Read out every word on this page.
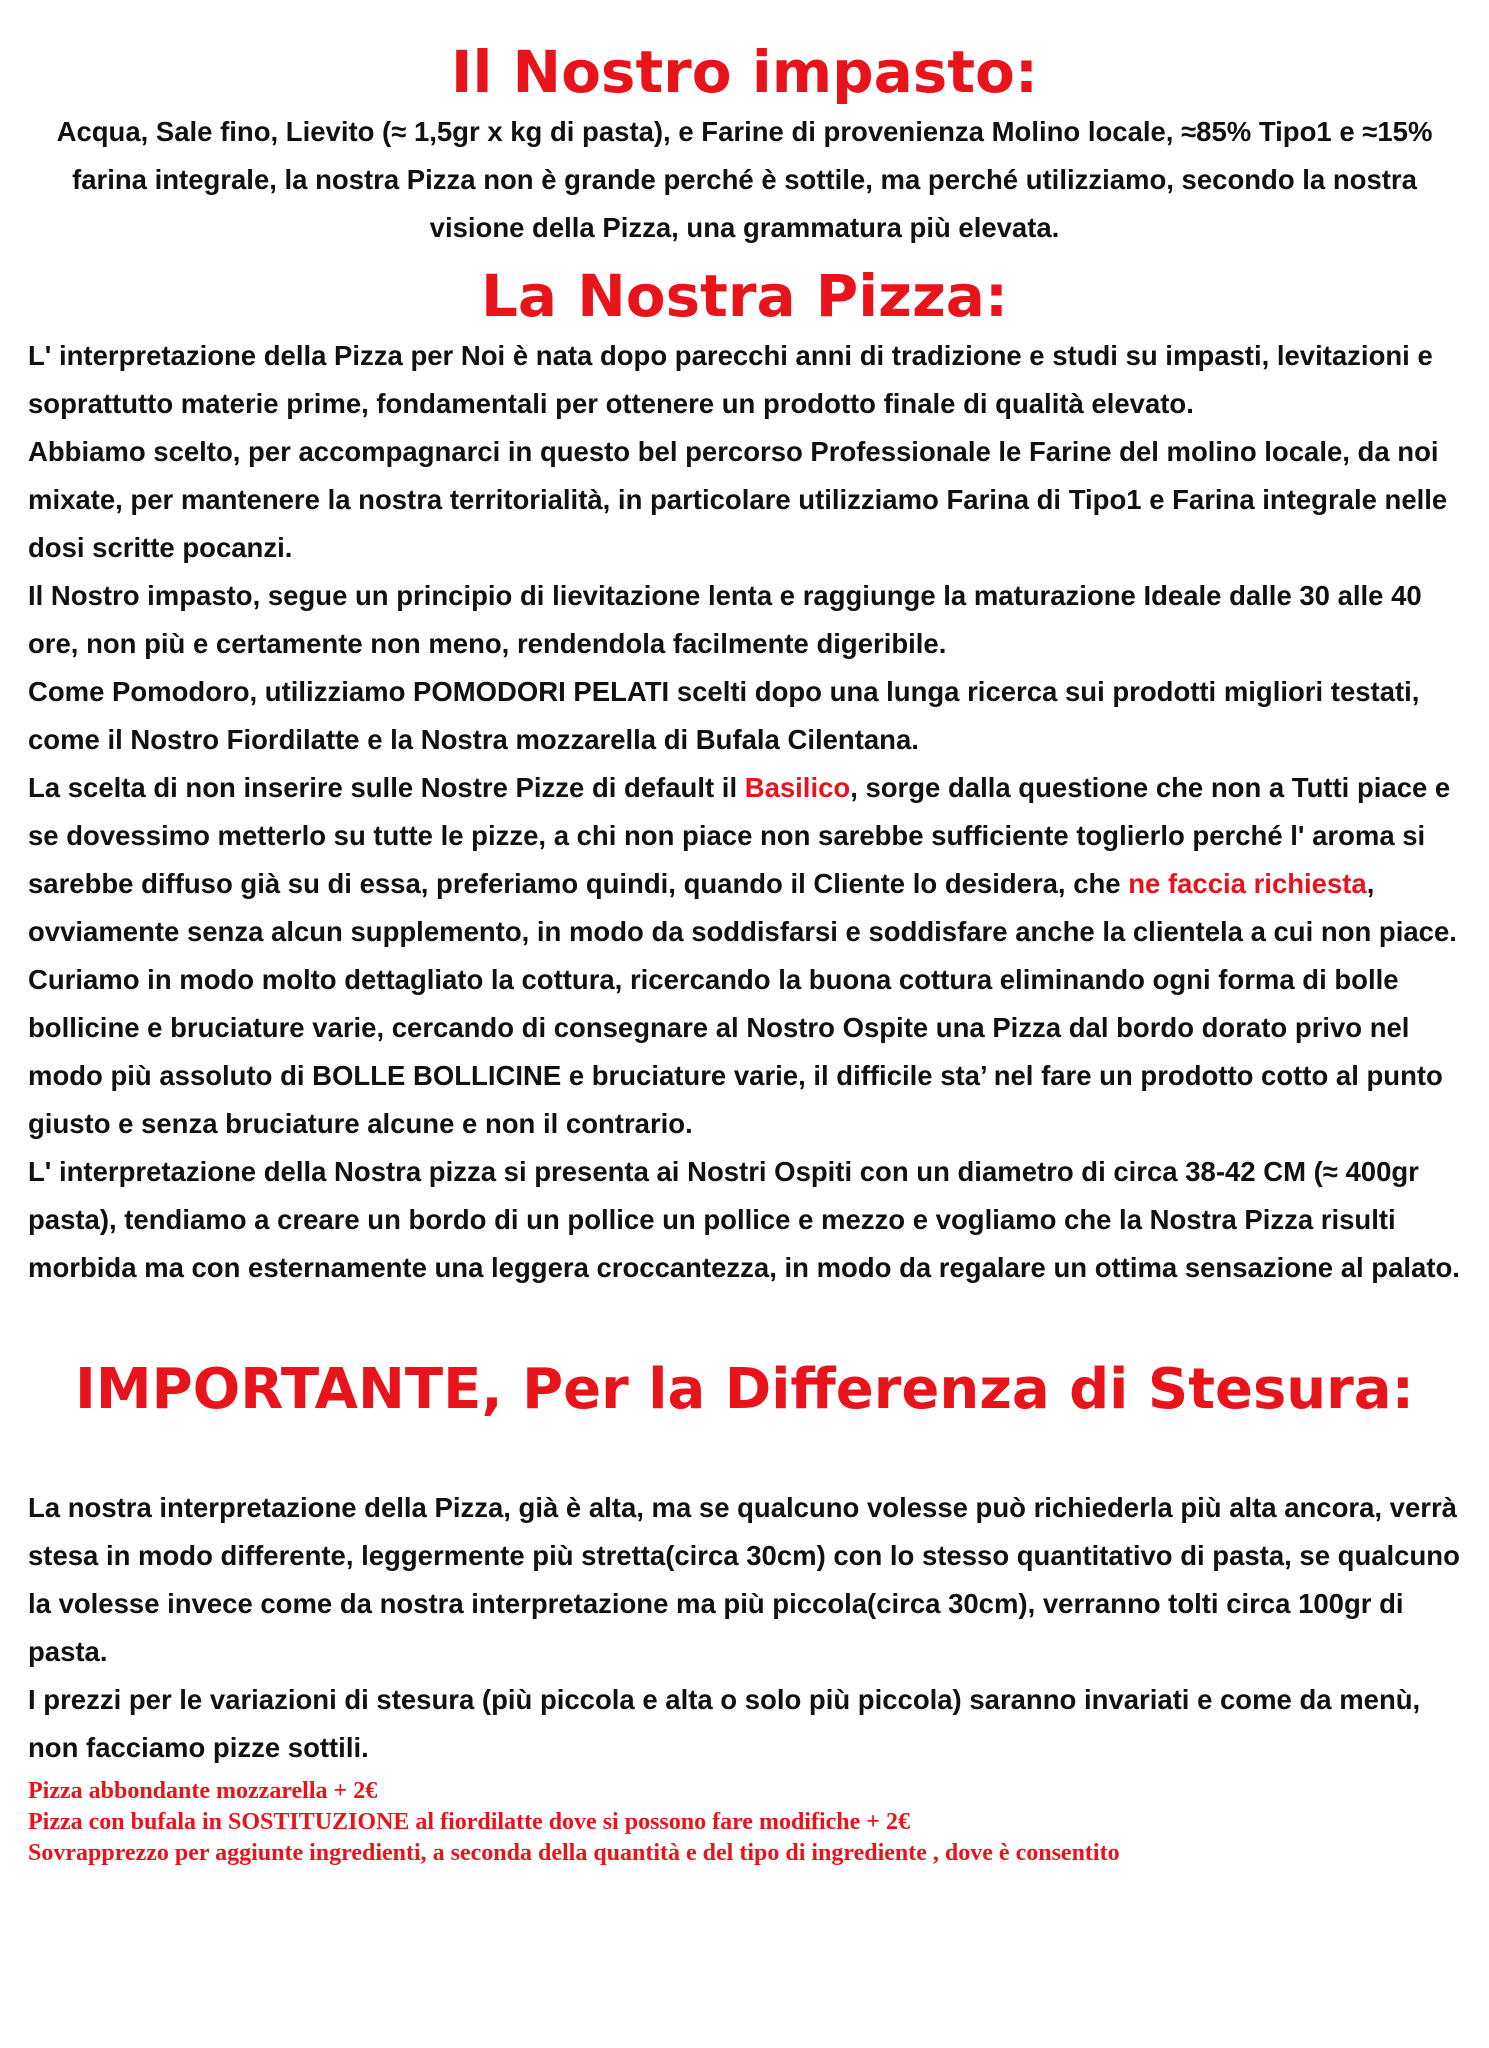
Il Nostro impasto:

Acqua, Sale fino, Lievito (≈ 1,5gr x kg di pasta), e Farine di provenienza Molino locale, ≈85% Tipo1 e ≈15% farina integrale, la nostra Pizza non è grande perché è sottile, ma perché utilizziamo, secondo la nostra visione della Pizza, una grammatura più elevata.

La Nostra Pizza:

L' interpretazione della Pizza per Noi è nata dopo parecchi anni di tradizione e studi su impasti, levitazioni e soprattutto materie prime, fondamentali per ottenere un prodotto finale di qualità elevato.

Abbiamo scelto, per accompagnarci in questo bel percorso Professionale le Farine del molino locale, da noi mixate, per mantenere la nostra territorialità, in particolare utilizziamo Farina di Tipo1 e Farina integrale nelle dosi scritte pocanzi.

Il Nostro impasto, segue un principio di lievitazione lenta e raggiunge la maturazione Ideale dalle 30 alle 40 ore, non più e certamente non meno, rendendola facilmente digeribile.

Come Pomodoro, utilizziamo POMODORI PELATI scelti dopo una lunga ricerca sui prodotti migliori testati, come il Nostro Fiordilatte e la Nostra mozzarella di Bufala Cilentana.

La scelta di non inserire sulle Nostre Pizze di default il Basilico, sorge dalla questione che non a Tutti piace e se dovessimo metterlo su tutte le pizze, a chi non piace non sarebbe sufficiente toglierlo perché l' aroma si sarebbe diffuso già su di essa, preferiamo quindi, quando il Cliente lo desidera, che ne faccia richiesta, ovviamente senza alcun supplemento, in modo da soddisfarsi e soddisfare anche la clientela a cui non piace.

Curiamo in modo molto dettagliato la cottura, ricercando la buona cottura eliminando ogni forma di bolle bollicine e bruciature varie, cercando di consegnare al Nostro Ospite una Pizza dal bordo dorato privo nel modo più assoluto di BOLLE BOLLICINE e bruciature varie, il difficile sta’ nel fare un prodotto cotto al punto giusto e senza bruciature alcune e non il contrario.

L' interpretazione della Nostra pizza si presenta ai Nostri Ospiti con un diametro di circa 38-42 CM (≈ 400gr pasta), tendiamo a creare un bordo di un pollice un pollice e mezzo e vogliamo che la Nostra Pizza risulti morbida ma con esternamente una leggera croccantezza, in modo da regalare un ottima sensazione al palato.

IMPORTANTE, Per la Differenza di Stesura:

La nostra interpretazione della Pizza, già è alta, ma se qualcuno volesse può richiederla più alta ancora, verrà stesa in modo differente, leggermente più stretta(circa 30cm) con lo stesso quantitativo di pasta, se qualcuno la volesse invece come da nostra interpretazione ma più piccola(circa 30cm), verranno tolti circa 100gr di pasta.

I prezzi per le variazioni di stesura (più piccola e alta o solo più piccola) saranno invariati e come da menù, non facciamo pizze sottili.

Pizza abbondante mozzarella + 2€
Pizza con bufala in SOSTITUZIONE al fiordilatte dove si possono fare modifiche + 2€
Sovrapprezzo per aggiunte ingredienti, a seconda della quantità e del tipo di ingrediente , dove è consentito
